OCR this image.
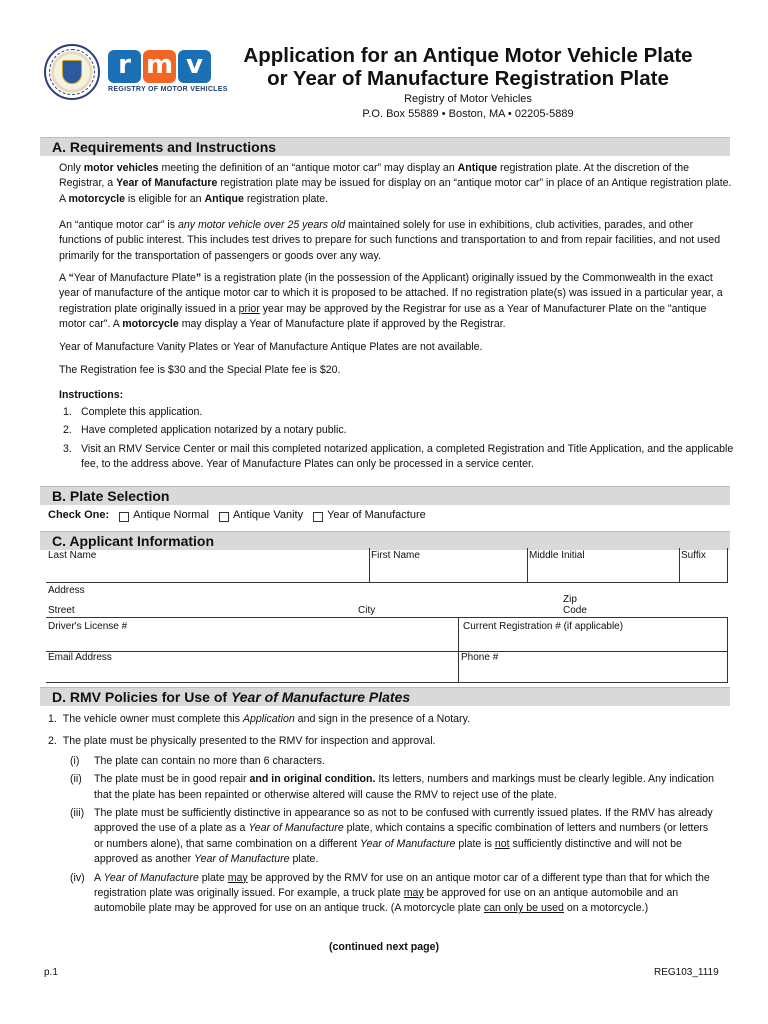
r m v
REGISTRY OF MOTOR VEHICLES
Application for an Antique Motor Vehicle Plate
or Year of Manufacture Registration Plate
Registry of Motor Vehicles
P.O. Box 55889 • Boston, MA • 02205-5889
A. Requirements and Instructions
Only motor vehicles meeting the definition of an “antique motor car” may display an Antique registration plate. At the discretion of the Registrar, a Year of Manufacture registration plate may be issued for display on an “antique motor car” in place of an Antique registration plate. A motorcycle is eligible for an Antique registration plate.
An “antique motor car” is any motor vehicle over 25 years old maintained solely for use in exhibitions, club activities, parades, and other functions of public interest. This includes test drives to prepare for such functions and transportation to and from repair facilities, and not used primarily for the transportation of passengers or goods over any way.
A “Year of Manufacture Plate” is a registration plate (in the possession of the Applicant) originally issued by the Commonwealth in the exact year of manufacture of the antique motor car to which it is proposed to be attached. If no registration plate(s) was issued in a particular year, a registration plate originally issued in a prior year may be approved by the Registrar for use as a Year of Manufacturer Plate on the "antique motor car". A motorcycle may display a Year of Manufacture plate if approved by the Registrar.
Year of Manufacture Vanity Plates or Year of Manufacture Antique Plates are not available.
The Registration fee is $30 and the Special Plate fee is $20.
Instructions:
1. Complete this application.
2. Have completed application notarized by a notary public.
3. Visit an RMV Service Center or mail this completed notarized application, a completed Registration and Title Application, and the applicable fee, to the address above. Year of Manufacture Plates can only be processed in a service center.
B. Plate Selection
Check One: Antique Normal Antique Vanity Year of Manufacture
C. Applicant Information
Last Name	First Name	Middle Initial	Suffix
Address
Street	City
Zip
Code
Driver's License #	Current Registration # (if applicable)
Email Address	Phone #
D. RMV Policies for Use of Year of Manufacture Plates
1. The vehicle owner must complete this Application and sign in the presence of a Notary.
2. The plate must be physically presented to the RMV for inspection and approval.
(i) The plate can contain no more than 6 characters.
(ii) The plate must be in good repair and in original condition. Its letters, numbers and markings must be clearly legible. Any indication that the plate has been repainted or otherwise altered will cause the RMV to reject use of the plate.
(iii) The plate must be sufficiently distinctive in appearance so as not to be confused with currently issued plates. If the RMV has already approved the use of a plate as a Year of Manufacture plate, which contains a specific combination of letters and numbers (or letters or numbers alone), that same combination on a different Year of Manufacture plate is not sufficiently distinctive and will not be approved as another Year of Manufacture plate.
(iv) A Year of Manufacture plate may be approved by the RMV for use on an antique motor car of a different type than that for which the registration plate was originally issued. For example, a truck plate may be approved for use on an antique automobile and an automobile plate may be approved for use on an antique truck. (A motorcycle plate can only be used on a motorcycle.)
(continued next page)
p.1	REG103_1119
